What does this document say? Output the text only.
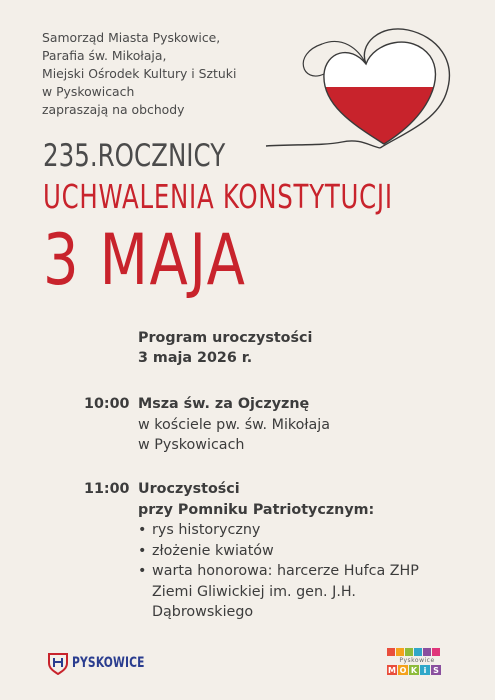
Samorząd Miasta Pyskowice,
Parafia św. Mikołaja,
Miejski Ośrodek Kultury i Sztuki
w Pyskowicach
zapraszają na obchody
235.ROCZNICY
UCHWALENIA KONSTYTUCJI
3 MAJA
Program uroczystości
3 maja 2026 r.
10:00 Msza św. za Ojczyznę
w kościele pw. św. Mikołaja
w Pyskowicach
11:00 Uroczystości
przy Pomniku Patriotycznym:
• rys historyczny
• złożenie kwiatów
• warta honorowa: harcerze Hufca ZHP
Ziemi Gliwickiej im. gen. J.H.
Dąbrowskiego
PYSKOWICE	Pyskowice
M O K i S
